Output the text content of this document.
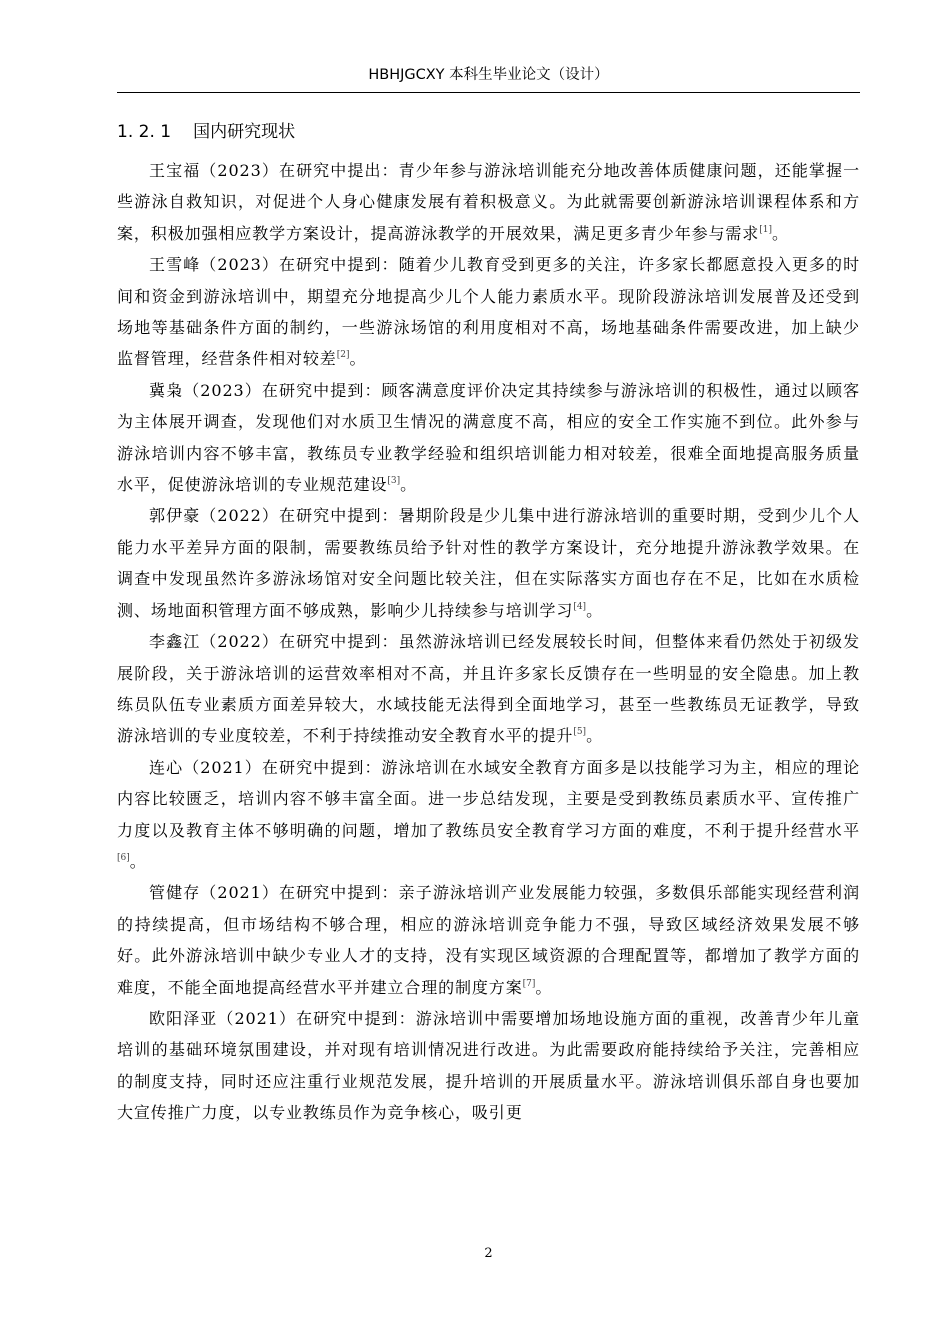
HBHJGCXY 本科生毕业论文（设计）
1. 2. 1 国内研究现状

王宝福（2023）在研究中提出：青少年参与游泳培训能充分地改善体质健康问题，还能掌握一些游泳自救知识，对促进个人身心健康发展有着积极意义。为此就需要创新游泳培训课程体系和方案，积极加强相应教学方案设计，提高游泳教学的开展效果，满足更多青少年参与需求[1]。

王雪峰（2023）在研究中提到：随着少儿教育受到更多的关注，许多家长都愿意投入更多的时间和资金到游泳培训中，期望充分地提高少儿个人能力素质水平。现阶段游泳培训发展普及还受到场地等基础条件方面的制约，一些游泳场馆的利用度相对不高，场地基础条件需要改进，加上缺少监督管理，经营条件相对较差[2]。

冀枭（2023）在研究中提到：顾客满意度评价决定其持续参与游泳培训的积极性，通过以顾客为主体展开调查，发现他们对水质卫生情况的满意度不高，相应的安全工作实施不到位。此外参与游泳培训内容不够丰富，教练员专业教学经验和组织培训能力相对较差，很难全面地提高服务质量水平，促使游泳培训的专业规范建设[3]。

郭伊豪（2022）在研究中提到：暑期阶段是少儿集中进行游泳培训的重要时期，受到少儿个人能力水平差异方面的限制，需要教练员给予针对性的教学方案设计，充分地提升游泳教学效果。在调查中发现虽然许多游泳场馆对安全问题比较关注，但在实际落实方面也存在不足，比如在水质检测、场地面积管理方面不够成熟，影响少儿持续参与培训学习[4]。

李鑫江（2022）在研究中提到：虽然游泳培训已经发展较长时间，但整体来看仍然处于初级发展阶段，关于游泳培训的运营效率相对不高，并且许多家长反馈存在一些明显的安全隐患。加上教练员队伍专业素质方面差异较大，水域技能无法得到全面地学习，甚至一些教练员无证教学，导致游泳培训的专业度较差，不利于持续推动安全教育水平的提升[5]。

连心（2021）在研究中提到：游泳培训在水域安全教育方面多是以技能学习为主，相应的理论内容比较匮乏，培训内容不够丰富全面。进一步总结发现，主要是受到教练员素质水平、宣传推广力度以及教育主体不够明确的问题，增加了教练员安全教育学习方面的难度，不利于提升经营水平[6]。

管健存（2021）在研究中提到：亲子游泳培训产业发展能力较强，多数俱乐部能实现经营利润的持续提高，但市场结构不够合理，相应的游泳培训竞争能力不强，导致区域经济效果发展不够好。此外游泳培训中缺少专业人才的支持，没有实现区域资源的合理配置等，都增加了教学方面的难度，不能全面地提高经营水平并建立合理的制度方案[7]。

欧阳泽亚（2021）在研究中提到：游泳培训中需要增加场地设施方面的重视，改善青少年儿童培训的基础环境氛围建设，并对现有培训情况进行改进。为此需要政府能持续给予关注，完善相应的制度支持，同时还应注重行业规范发展，提升培训的开展质量水平。游泳培训俱乐部自身也要加大宣传推广力度，以专业教练员作为竞争核心，吸引更

2
